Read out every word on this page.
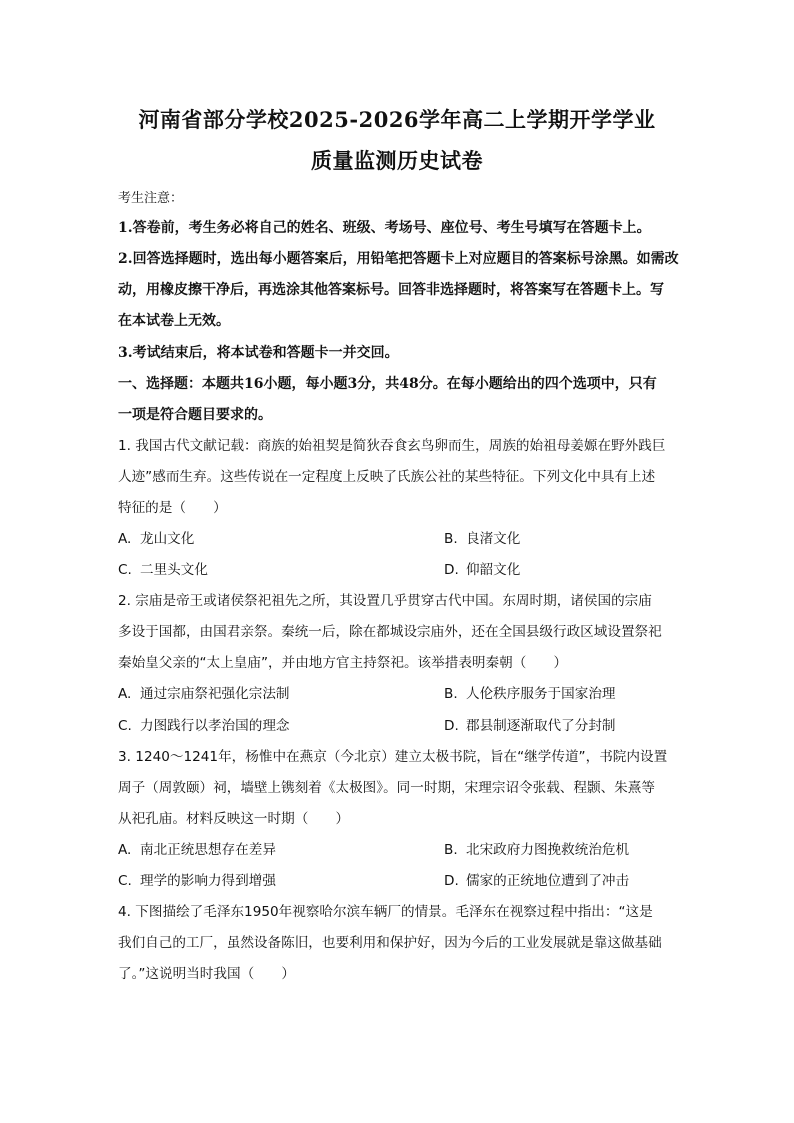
河南省部分学校2025-2026学年高二上学期开学学业
质量监测历史试卷
考生注意：
1.答卷前，考生务必将自己的姓名、班级、考场号、座位号、考生号填写在答题卡上。
2.回答选择题时，选出每小题答案后，用铅笔把答题卡上对应题目的答案标号涂黑。如需改
动，用橡皮擦干净后，再选涂其他答案标号。回答非选择题时，将答案写在答题卡上。写
在本试卷上无效。
3.考试结束后，将本试卷和答题卡一并交回。
一、选择题：本题共16小题，每小题3分，共48分。在每小题给出的四个选项中，只有
一项是符合题目要求的。
1. 我国古代文献记载：商族的始祖契是简狄吞食玄鸟卵而生，周族的始祖母姜嫄在野外践巨
人迹”感而生弃。这些传说在一定程度上反映了氏族公社的某些特征。下列文化中具有上述
特征的是（　　）
A. 龙山文化	B. 良渚文化
C. 二里头文化	D. 仰韶文化
2. 宗庙是帝王或诸侯祭祀祖先之所，其设置几乎贯穿古代中国。东周时期，诸侯国的宗庙
多设于国都，由国君亲祭。秦统一后，除在都城设宗庙外，还在全国县级行政区域设置祭祀
秦始皇父亲的“太上皇庙”，并由地方官主持祭祀。该举措表明秦朝（　　）
A. 通过宗庙祭祀强化宗法制	B. 人伦秩序服务于国家治理
C. 力图践行以孝治国的理念	D. 郡县制逐渐取代了分封制
3. 1240～1241年，杨惟中在燕京（今北京）建立太极书院，旨在“继学传道”，书院内设置
周子（周敦颐）祠，墙壁上镌刻着《太极图》。同一时期，宋理宗诏令张载、程颢、朱熹等
从祀孔庙。材料反映这一时期（　　）
A. 南北正统思想存在差异	B. 北宋政府力图挽救统治危机
C. 理学的影响力得到增强	D. 儒家的正统地位遭到了冲击
4. 下图描绘了毛泽东1950年视察哈尔滨车辆厂的情景。毛泽东在视察过程中指出：“这是
我们自己的工厂，虽然设备陈旧，也要利用和保护好，因为今后的工业发展就是靠这做基础
了。”这说明当时我国（　　）
